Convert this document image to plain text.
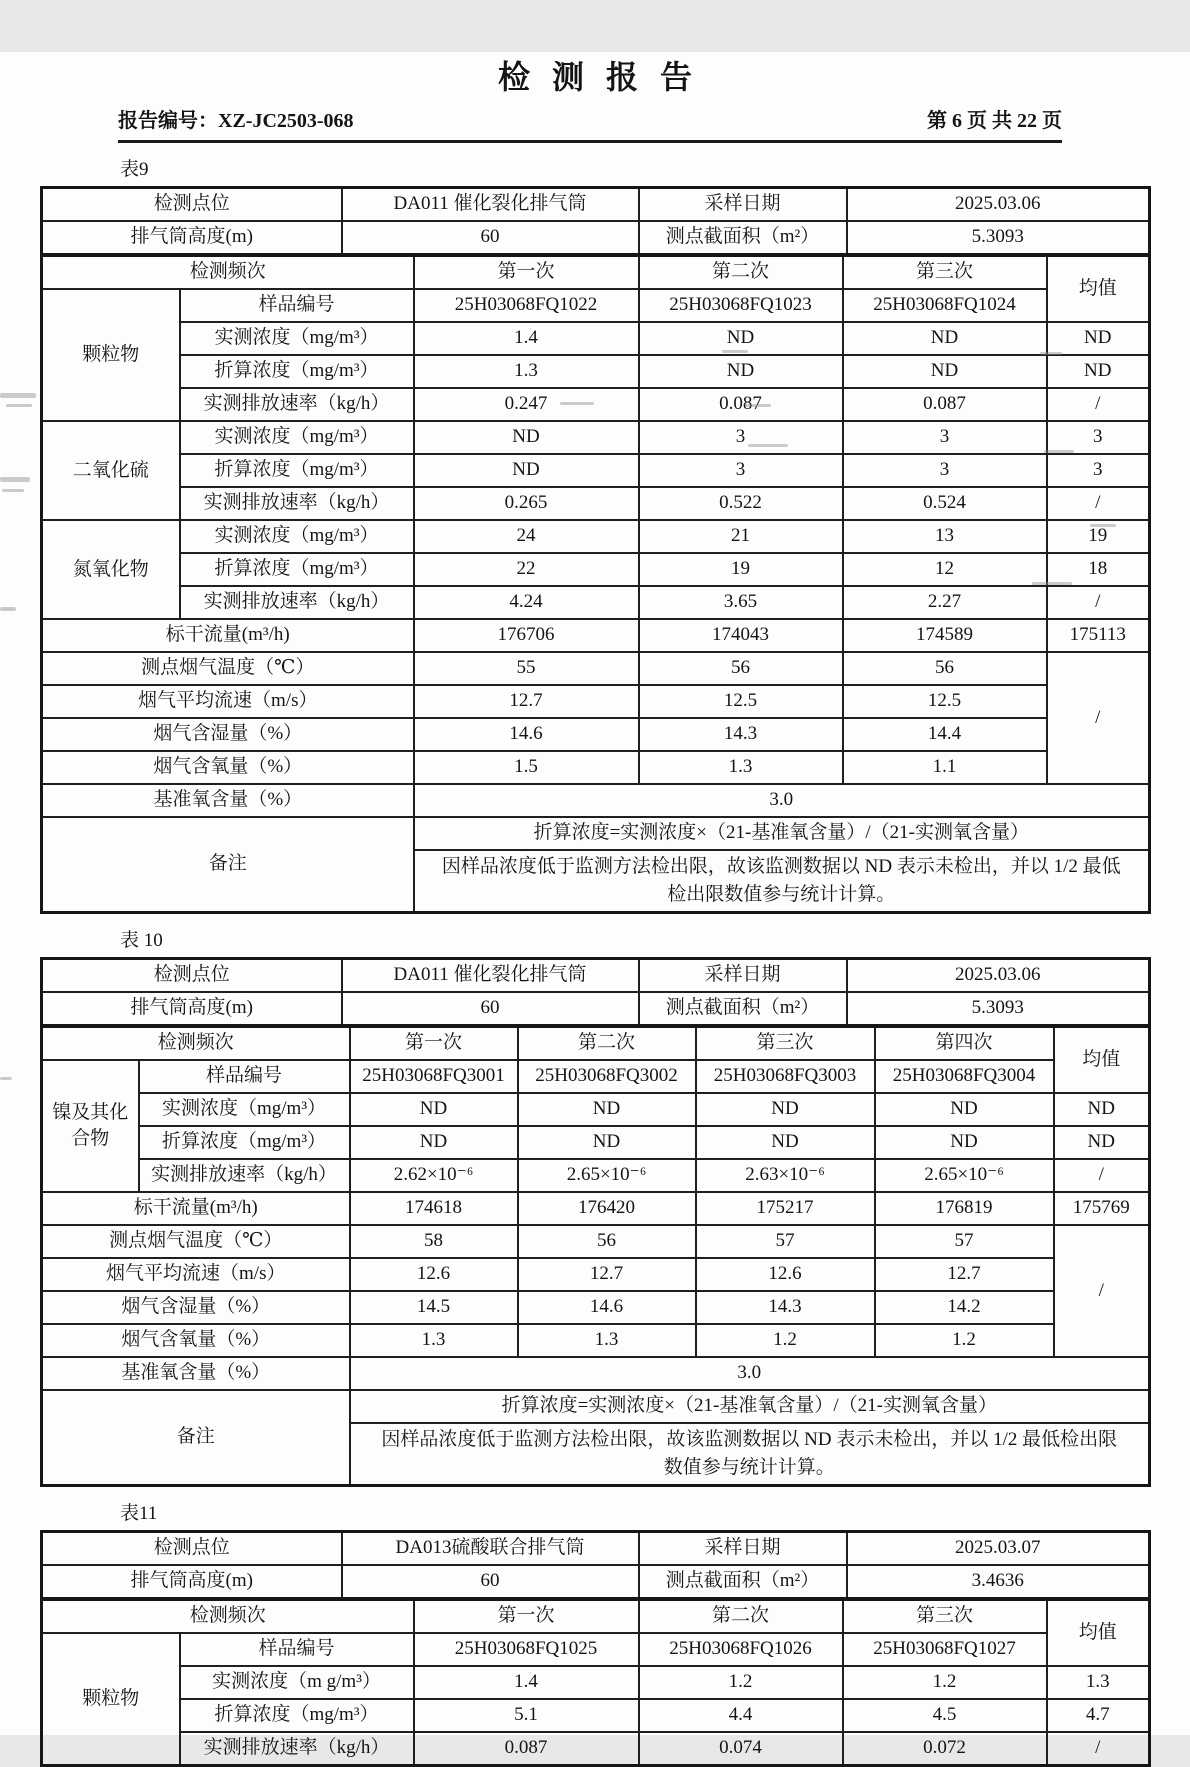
检 测 报 告
报告编号：XZ-JC2503-068	第 6 页 共 22 页
表9
检测点位	DA011 催化裂化排气筒	采样日期	2025.03.06
排气筒高度(m)	60	测点截面积（m²）	5.3093
检测频次		第一次	第二次	第三次	均值
颗粒物	样品编号	25H03068FQ1022	25H03068FQ1023	25H03068FQ1024	
	实测浓度（mg/m³）	1.4	ND	ND	ND
	折算浓度（mg/m³）	1.3	ND	ND	ND
	实测排放速率（kg/h）	0.247	0.087	0.087	/
二氧化硫	实测浓度（mg/m³）	ND	3	3	3
	折算浓度（mg/m³）	ND	3	3	3
	实测排放速率（kg/h）	0.265	0.522	0.524	/
氮氧化物	实测浓度（mg/m³）	24	21	13	19
	折算浓度（mg/m³）	22	19	12	18
	实测排放速率（kg/h）	4.24	3.65	2.27	/
标干流量(m³/h)		176706	174043	174589	175113
测点烟气温度（℃）		55	56	56	/
烟气平均流速（m/s）		12.7	12.5	12.5	
烟气含湿量（%）		14.6	14.3	14.4	
烟气含氧量（%）		1.5	1.3	1.1	
基准氧含量（%）		3.0			
备注		折算浓度=实测浓度×（21-基准氧含量）/（21-实测氧含量）			
		因样品浓度低于监测方法检出限，故该监测数据以 ND 表示未检出，并以 1/2 最低检出限数值参与统计计算。			
表 10
检测点位	DA011 催化裂化排气筒	采样日期	2025.03.06
排气筒高度(m)	60	测点截面积（m²）	5.3093
检测频次		第一次	第二次	第三次	第四次	均值
镍及其化合物	样品编号	25H03068FQ3001	25H03068FQ3002	25H03068FQ3003	25H03068FQ3004	
	实测浓度（mg/m³）	ND	ND	ND	ND	ND
	折算浓度（mg/m³）	ND	ND	ND	ND	ND
	实测排放速率（kg/h）	2.62×10⁻⁶	2.65×10⁻⁶	2.63×10⁻⁶	2.65×10⁻⁶	/
标干流量(m³/h)		174618	176420	175217	176819	175769
测点烟气温度（℃）		58	56	57	57	/
烟气平均流速（m/s）		12.6	12.7	12.6	12.7	
烟气含湿量（%）		14.5	14.6	14.3	14.2	
烟气含氧量（%）		1.3	1.3	1.2	1.2	
基准氧含量（%）		3.0				
备注		折算浓度=实测浓度×（21-基准氧含量）/（21-实测氧含量）				
		因样品浓度低于监测方法检出限，故该监测数据以 ND 表示未检出，并以 1/2 最低检出限数值参与统计计算。				
表11
检测点位	DA013硫酸联合排气筒	采样日期	2025.03.07
排气筒高度(m)	60	测点截面积（m²）	3.4636
检测频次		第一次	第二次	第三次	均值
颗粒物	样品编号	25H03068FQ1025	25H03068FQ1026	25H03068FQ1027	
	实测浓度（m g/m³）	1.4	1.2	1.2	1.3
	折算浓度（mg/m³）	5.1	4.4	4.5	4.7
	实测排放速率（kg/h）	0.087	0.074	0.072	/
